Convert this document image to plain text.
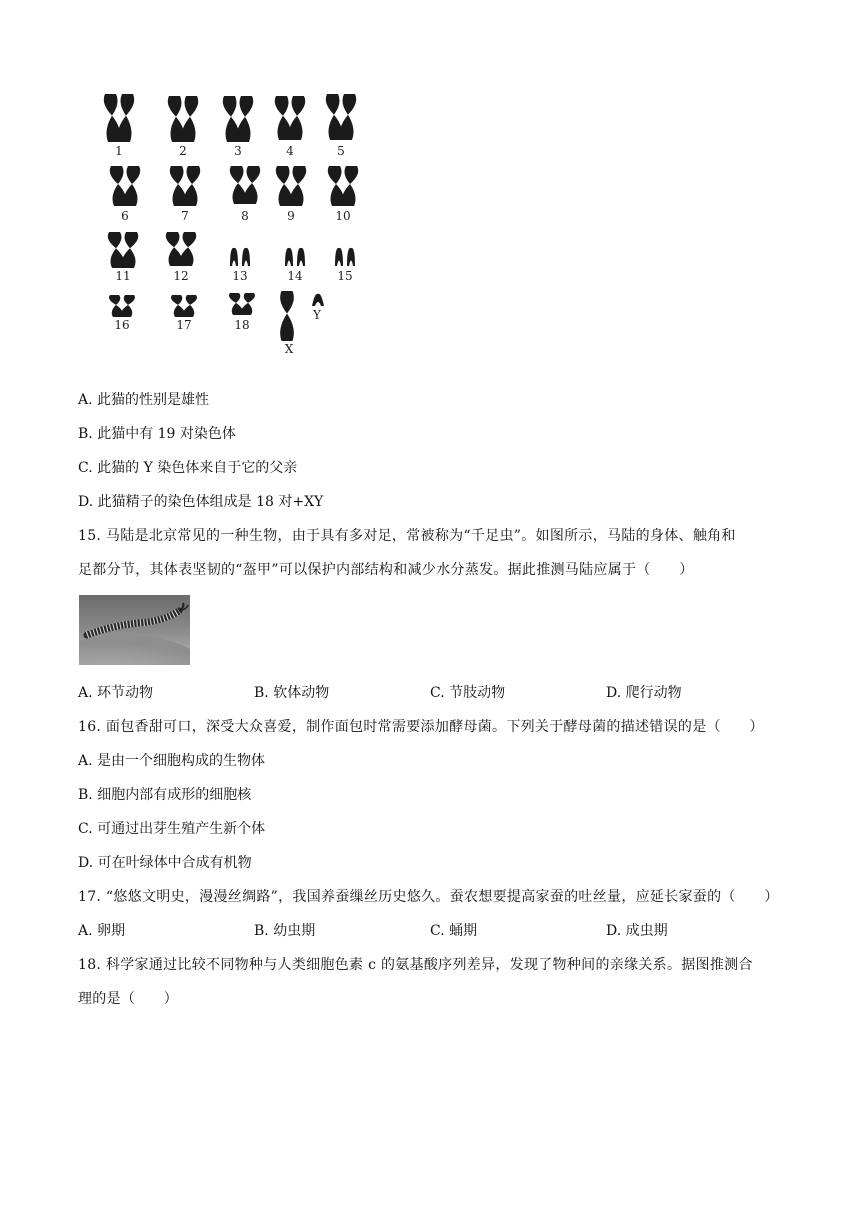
1	2	3	4	5
6	7	8	9	10
11	12	13	14	15
16	17	18
X
Y
A. 此猫的性别是雄性
B. 此猫中有 19 对染色体
C. 此猫的 Y 染色体来自于它的父亲
D. 此猫精子的染色体组成是 18 对+XY
15. 马陆是北京常见的一种生物，由于具有多对足，常被称为“千足虫”。如图所示，马陆的身体、触角和
足都分节，其体表坚韧的“盔甲”可以保护内部结构和减少水分蒸发。据此推测马陆应属于（　　）
A. 环节动物	B. 软体动物	C. 节肢动物	D. 爬行动物
16. 面包香甜可口，深受大众喜爱，制作面包时常需要添加酵母菌。下列关于酵母菌的描述错误的是（　　）
A. 是由一个细胞构成的生物体
B. 细胞内部有成形的细胞核
C. 可通过出芽生殖产生新个体
D. 可在叶绿体中合成有机物
17. “悠悠文明史，漫漫丝绸路”，我国养蚕缫丝历史悠久。蚕农想要提高家蚕的吐丝量，应延长家蚕的（　　）
A. 卵期	B. 幼虫期	C. 蛹期	D. 成虫期
18. 科学家通过比较不同物种与人类细胞色素 c 的氨基酸序列差异，发现了物种间的亲缘关系。据图推测合
理的是（　　）
